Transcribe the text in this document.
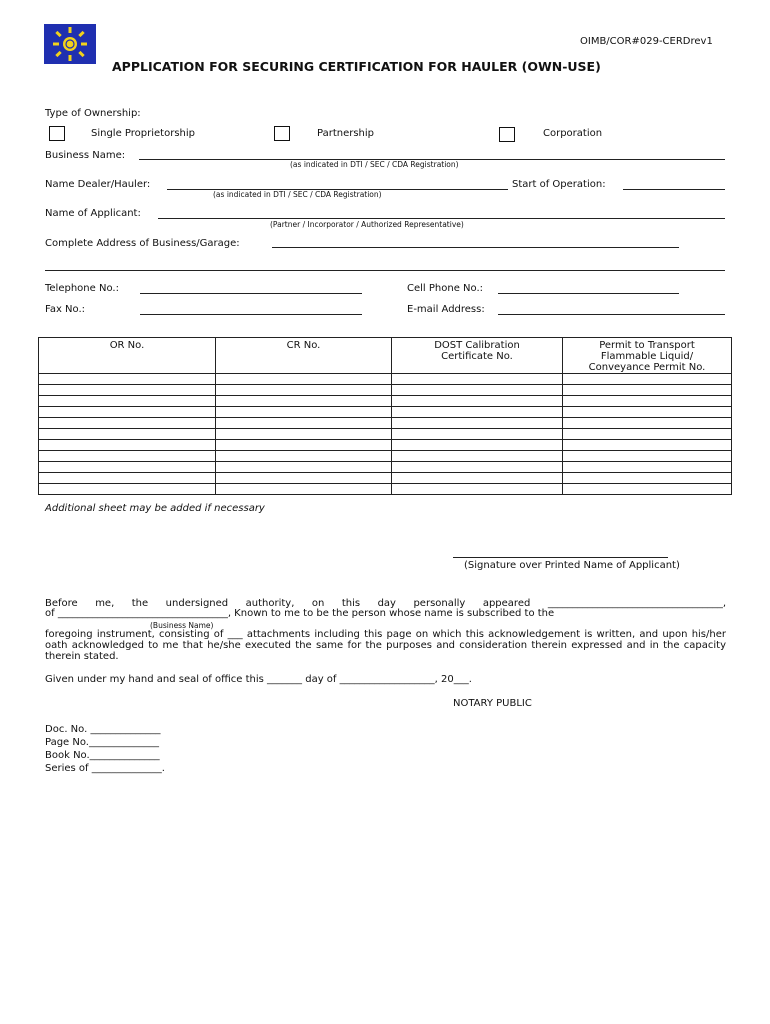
OIMB/COR#029-CERDrev1
APPLICATION FOR SECURING CERTIFICATION FOR HAULER (OWN-USE)
Type of Ownership:
Single Proprietorship	Partnership	Corporation
Business Name:
(as indicated in DTI / SEC / CDA Registration)
Name Dealer/Hauler:
(as indicated in DTI / SEC / CDA Registration)
Start of Operation:
Name of Applicant:
(Partner / Incorporator / Authorized Representative)
Complete Address of Business/Garage:
Telephone No.:	Cell Phone No.:
Fax No.:	E-mail Address:
OR No.	CR No.	DOST Calibration Certificate No.	Permit to Transport Flammable Liquid/ Conveyance Permit No.

Additional sheet may be added if necessary
(Signature over Printed Name of Applicant)
Before me, the undersigned authority, on this day personally appeared ___________________________________,
of __________________________________, Known to me to be the person whose name is subscribed to the
(Business Name)
foregoing instrument, consisting of ___ attachments including this page on which this acknowledgement is written, and upon his/her oath acknowledged to me that he/she executed the same for the purposes and consideration therein expressed and in the capacity therein stated.
Given under my hand and seal of office this _______ day of ___________________, 20___.
NOTARY PUBLIC
Doc. No. ______________
Page No.______________
Book No.______________
Series of ______________.
